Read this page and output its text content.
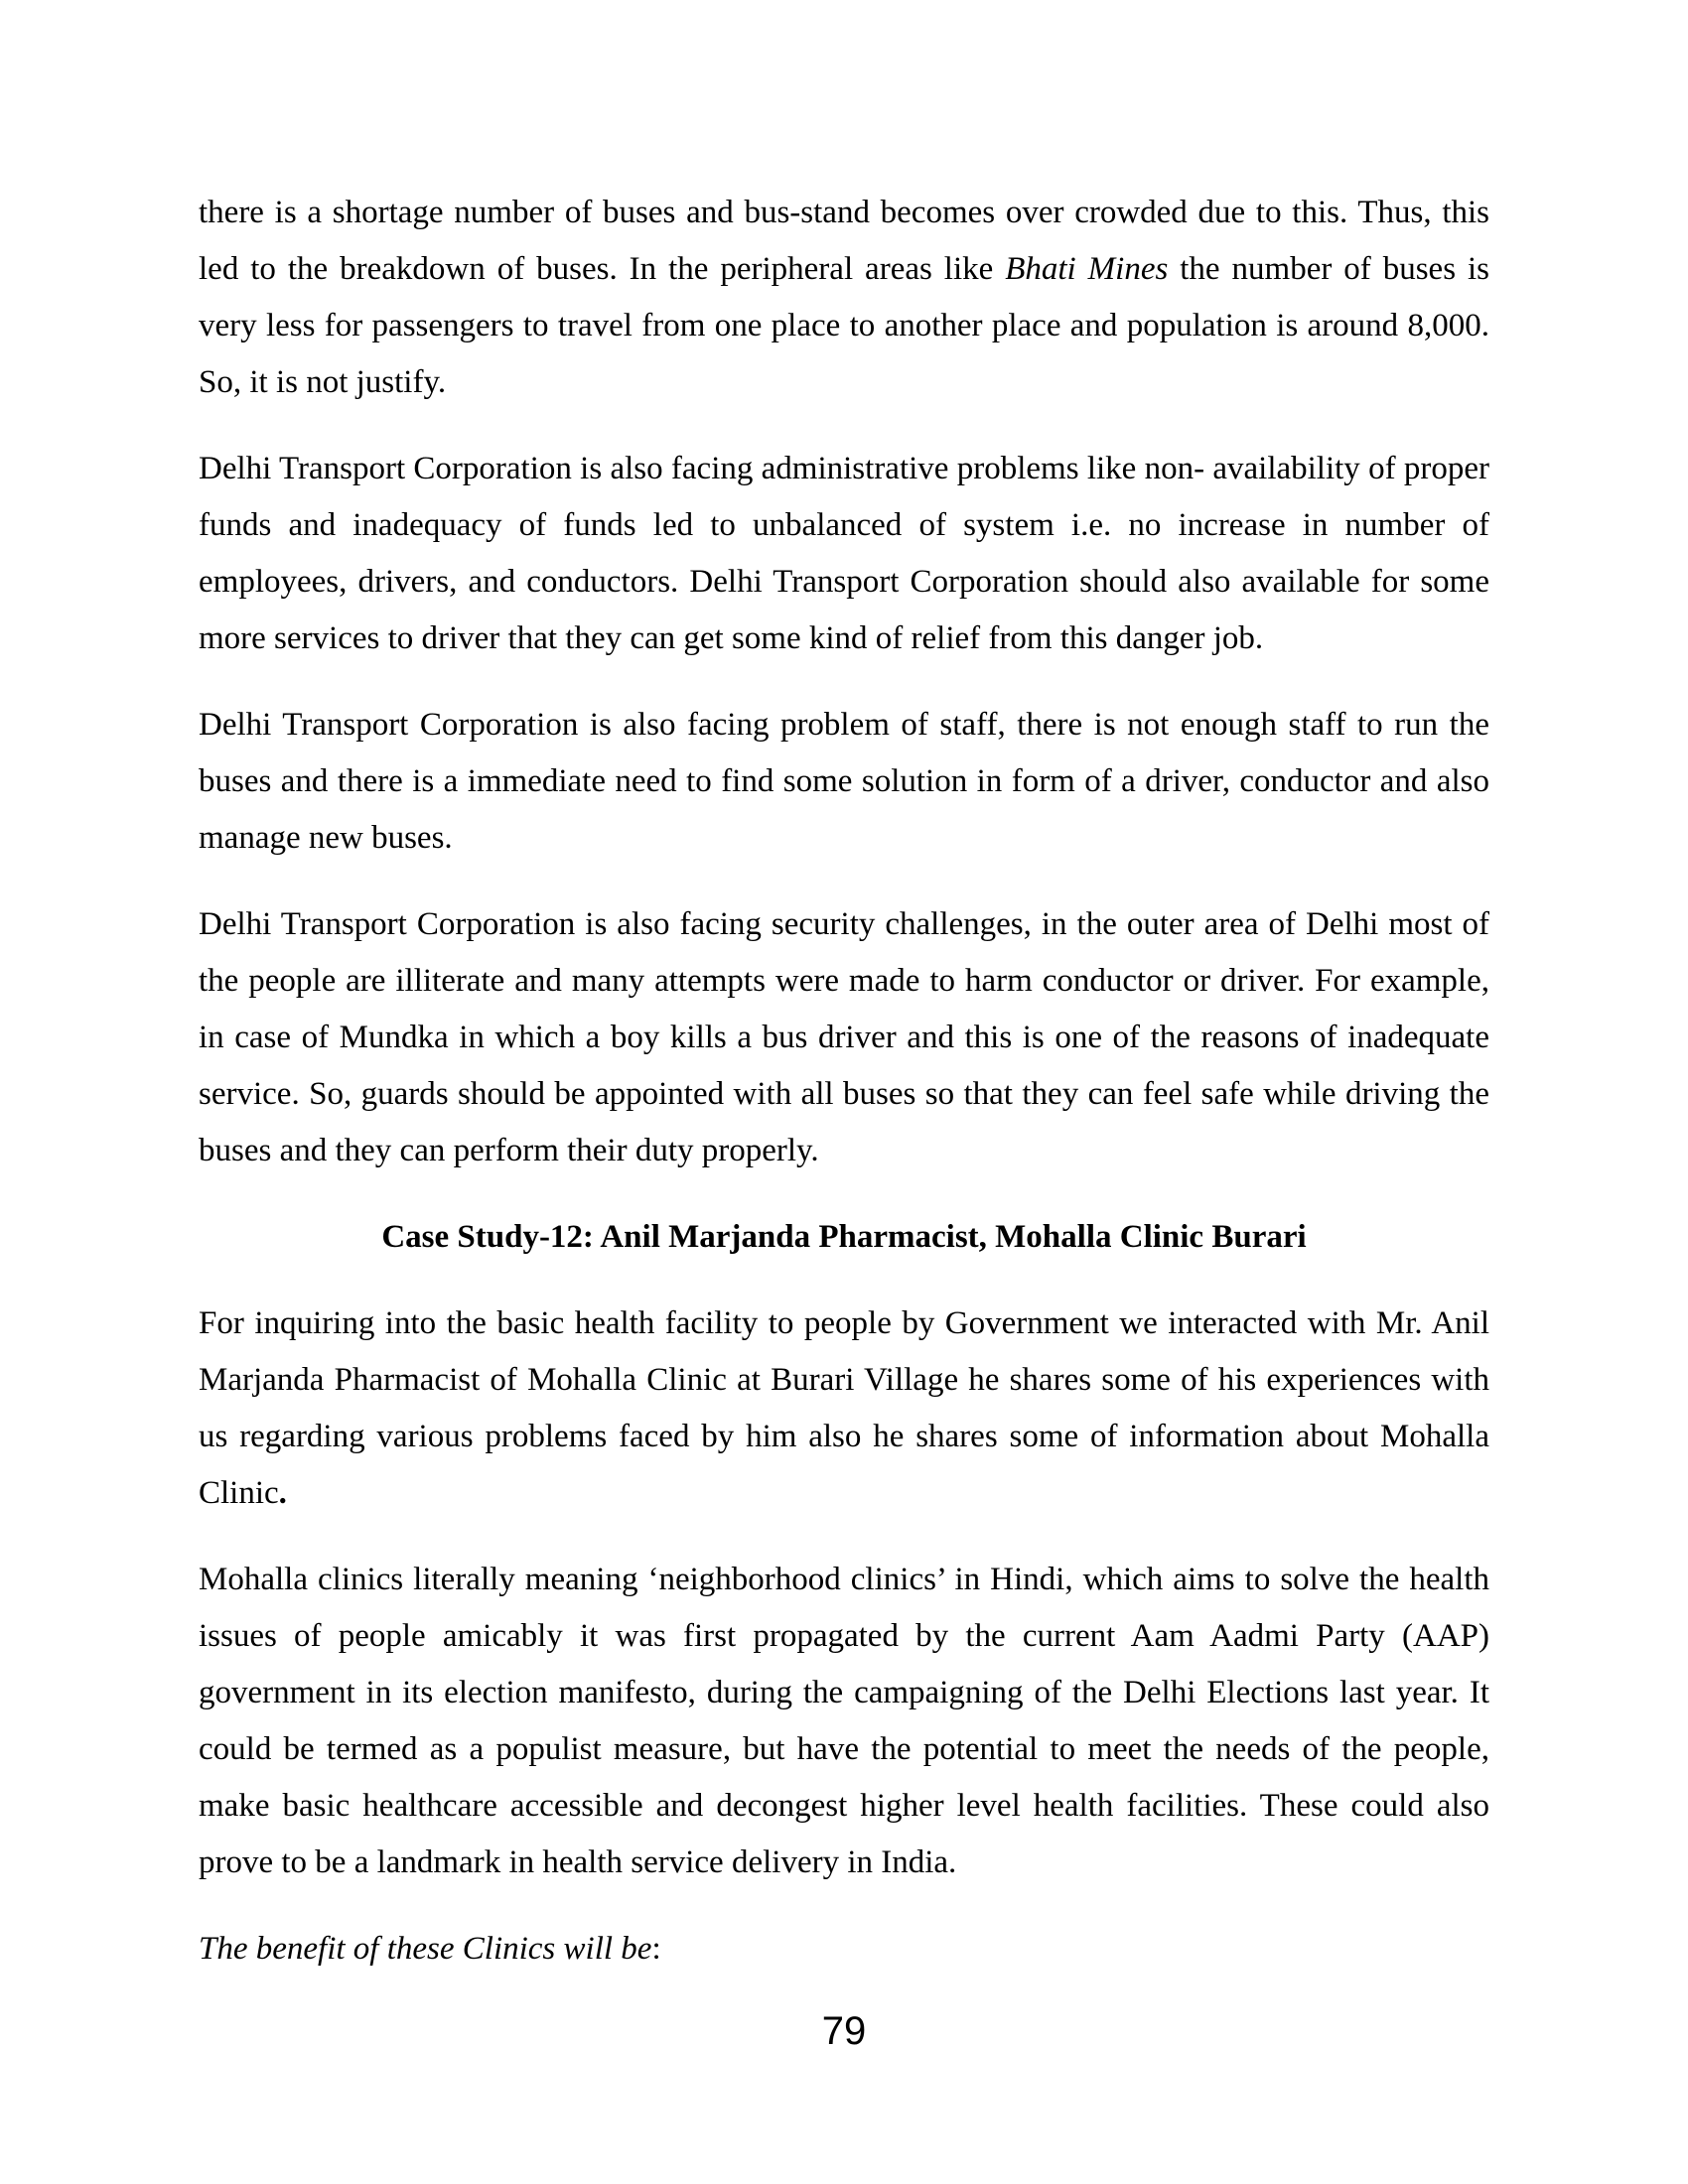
there is a shortage number of buses and bus-stand becomes over crowded due to this. Thus, this led to the breakdown of buses. In the peripheral areas like Bhati Mines the number of buses is very less for passengers to travel from one place to another place and population is around 8,000. So, it is not justify.

Delhi Transport Corporation is also facing administrative problems like non- availability of proper funds and inadequacy of funds led to unbalanced of system i.e. no increase in number of employees, drivers, and conductors. Delhi Transport Corporation should also available for some more services to driver that they can get some kind of relief from this danger job.

Delhi Transport Corporation is also facing problem of staff, there is not enough staff to run the buses and there is a immediate need to find some solution in form of a driver, conductor and also manage new buses.

Delhi Transport Corporation is also facing security challenges, in the outer area of Delhi most of the people are illiterate and many attempts were made to harm conductor or driver. For example, in case of Mundka in which a boy kills a bus driver and this is one of the reasons of inadequate service. So, guards should be appointed with all buses so that they can feel safe while driving the buses and they can perform their duty properly.

Case Study-12: Anil Marjanda Pharmacist, Mohalla Clinic Burari

For inquiring into the basic health facility to people by Government we interacted with Mr. Anil Marjanda Pharmacist of Mohalla Clinic at Burari Village he shares some of his experiences with us regarding various problems faced by him also he shares some of information about Mohalla Clinic.

Mohalla clinics literally meaning ‘neighborhood clinics’ in Hindi, which aims to solve the health issues of people amicably it was first propagated by the current Aam Aadmi Party (AAP) government in its election manifesto, during the campaigning of the Delhi Elections last year. It could be termed as a populist measure, but have the potential to meet the needs of the people, make basic healthcare accessible and decongest higher level health facilities. These could also prove to be a landmark in health service delivery in India.

The benefit of these Clinics will be:

79
